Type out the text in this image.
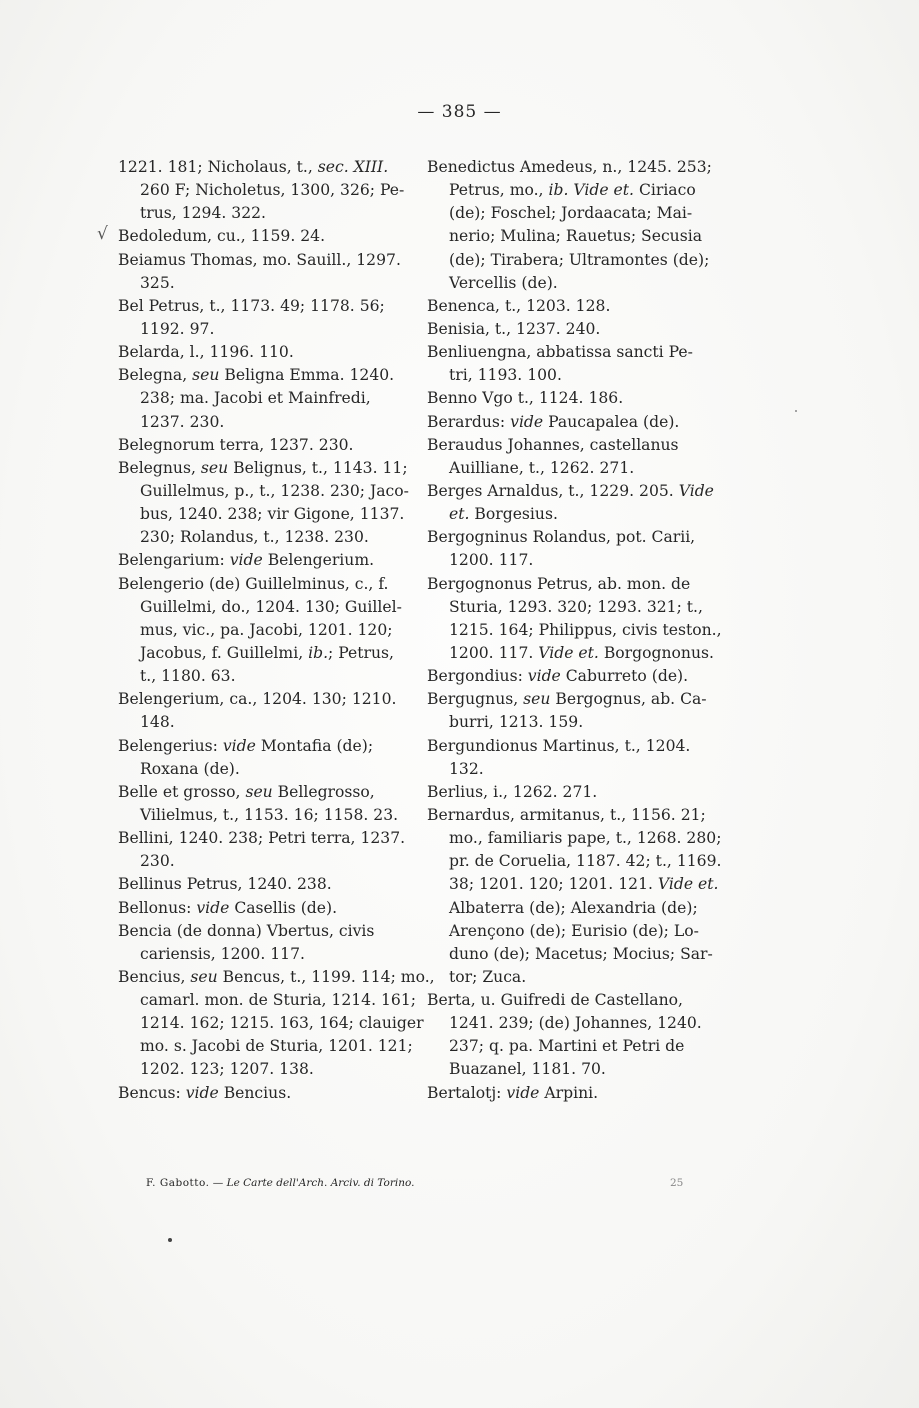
— 385 —
√
1221. 181; Nicholaus, t., sec. XIII.
260 F; Nicholetus, 1300, 326; Pe-
trus, 1294. 322.
Bedoledum, cu., 1159. 24.
Beiamus Thomas, mo. Sauill., 1297.
325.
Bel Petrus, t., 1173. 49; 1178. 56;
1192. 97.
Belarda, l., 1196. 110.
Belegna, seu Beligna Emma. 1240.
238; ma. Jacobi et Mainfredi,
1237. 230.
Belegnorum terra, 1237. 230.
Belegnus, seu Belignus, t., 1143. 11;
Guillelmus, p., t., 1238. 230; Jaco-
bus, 1240. 238; vir Gigone, 1137.
230; Rolandus, t., 1238. 230.
Belengarium: vide Belengerium.
Belengerio (de) Guillelminus, c., f.
Guillelmi, do., 1204. 130; Guillel-
mus, vic., pa. Jacobi, 1201. 120;
Jacobus, f. Guillelmi, ib.; Petrus,
t., 1180. 63.
Belengerium, ca., 1204. 130; 1210.
148.
Belengerius: vide Montafia (de);
Roxana (de).
Belle et grosso, seu Bellegrosso,
Vilielmus, t., 1153. 16; 1158. 23.
Bellini, 1240. 238; Petri terra, 1237.
230.
Bellinus Petrus, 1240. 238.
Bellonus: vide Casellis (de).
Bencia (de donna) Vbertus, civis
cariensis, 1200. 117.
Bencius, seu Bencus, t., 1199. 114; mo.,
camarl. mon. de Sturia, 1214. 161;
1214. 162; 1215. 163, 164; clauiger
mo. s. Jacobi de Sturia, 1201. 121;
1202. 123; 1207. 138.
Bencus: vide Bencius.
Benedictus Amedeus, n., 1245. 253;
Petrus, mo., ib. Vide et. Ciriaco
(de); Foschel; Jordaacata; Mai-
nerio; Mulina; Rauetus; Secusia
(de); Tirabera; Ultramontes (de);
Vercellis (de).
Benenca, t., 1203. 128.
Benisia, t., 1237. 240.
Benliuengna, abbatissa sancti Pe-
tri, 1193. 100.
Benno Vgo t., 1124. 186.
Berardus: vide Paucapalea (de).
Beraudus Johannes, castellanus
Auilliane, t., 1262. 271.
Berges Arnaldus, t., 1229. 205. Vide
et. Borgesius.
Bergogninus Rolandus, pot. Carii,
1200. 117.
Bergognonus Petrus, ab. mon. de
Sturia, 1293. 320; 1293. 321; t.,
1215. 164; Philippus, civis teston.,
1200. 117. Vide et. Borgognonus.
Bergondius: vide Caburreto (de).
Bergugnus, seu Bergognus, ab. Ca-
burri, 1213. 159.
Bergundionus Martinus, t., 1204.
132.
Berlius, i., 1262. 271.
Bernardus, armitanus, t., 1156. 21;
mo., familiaris pape, t., 1268. 280;
pr. de Coruelia, 1187. 42; t., 1169.
38; 1201. 120; 1201. 121. Vide et.
Albaterra (de); Alexandria (de);
Arençono (de); Eurisio (de); Lo-
duno (de); Macetus; Mocius; Sar-
tor; Zuca.
Berta, u. Guifredi de Castellano,
1241. 239; (de) Johannes, 1240.
237; q. pa. Martini et Petri de
Buazanel, 1181. 70.
Bertalotj: vide Arpini.
F. Gabotto. — Le Carte dell'Arch. Arciv. di Torino.	25
